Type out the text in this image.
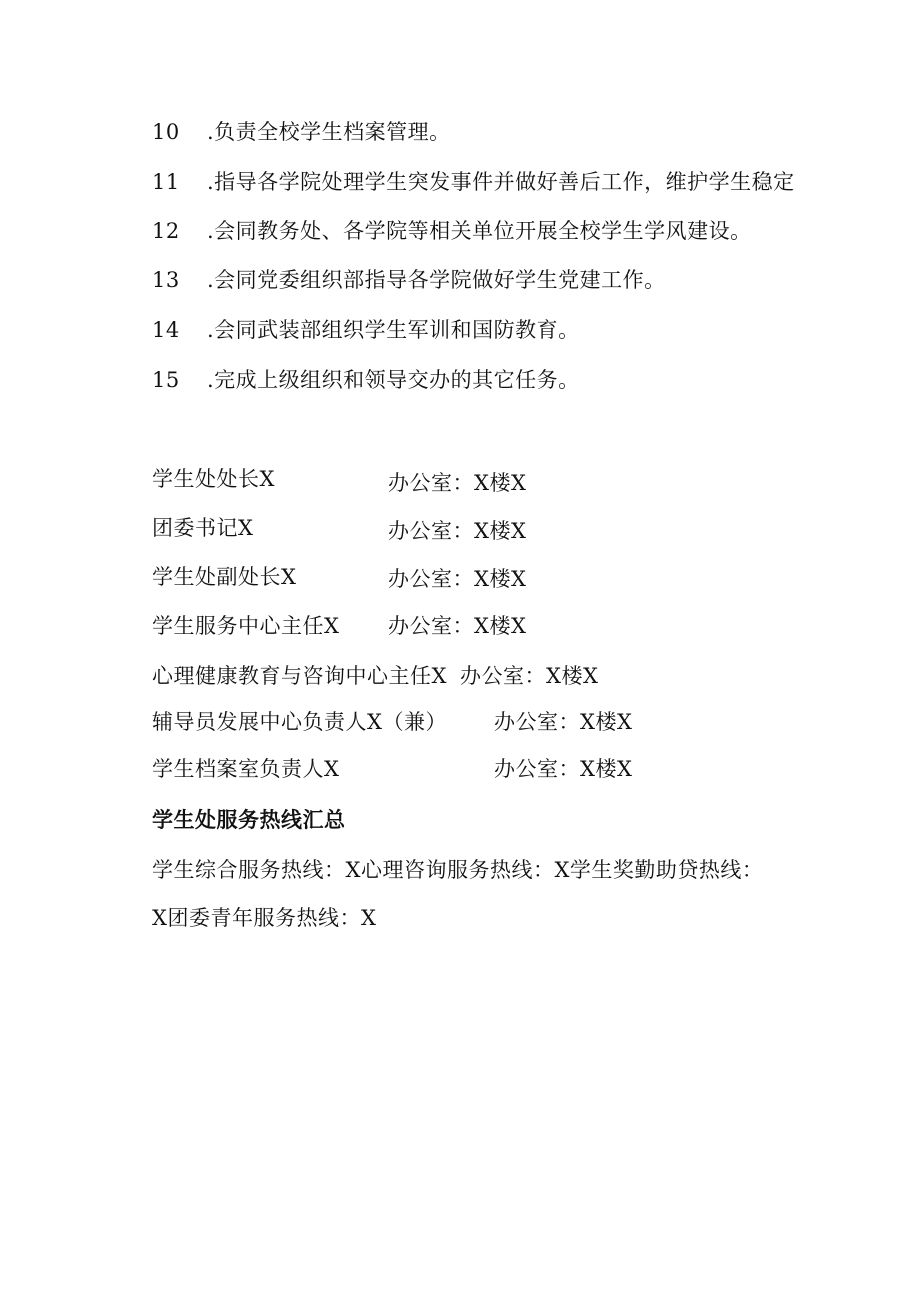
10	.负责全校学生档案管理。
11	.指导各学院处理学生突发事件并做好善后工作，维护学生稳定
12	.会同教务处、各学院等相关单位开展全校学生学风建设。
13	.会同党委组织部指导各学院做好学生党建工作。
14	.会同武装部组织学生军训和国防教育。
15	.完成上级组织和领导交办的其它任务。
学生处处长X	办公室：X楼X
团委书记X	办公室：X楼X
学生处副处长X	办公室：X楼X
学生服务中心主任X 办公室：X楼X
心理健康教育与咨询中心主任X 办公室：X楼X
辅导员发展中心负责人X（兼） 办公室：X楼X
学生档案室负责人X	办公室：X楼X
学生处服务热线汇总
学生综合服务热线：X心理咨询服务热线：X学生奖勤助贷热线：
X团委青年服务热线：X
